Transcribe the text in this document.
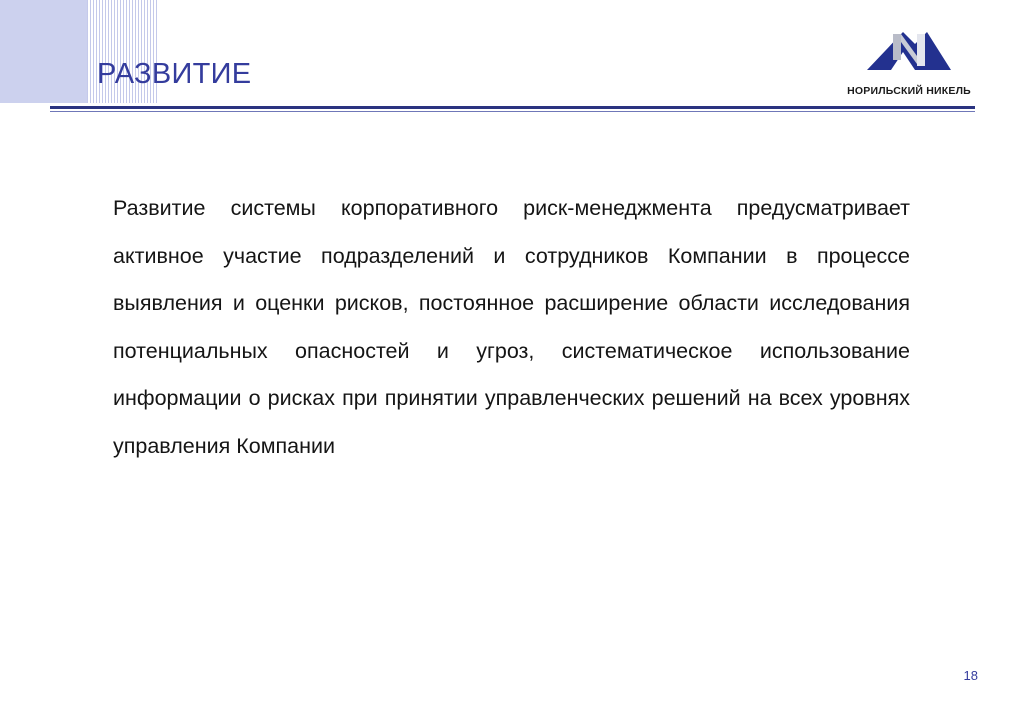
РАЗВИТИЕ
НОРИЛЬСКИЙ НИКЕЛЬ

Развитие системы корпоративного риск-менеджмента предусматривает активное участие подразделений и сотрудников Компании в процессе выявления и оценки рисков, постоянное расширение области исследования потенциальных опасностей и угроз, систематическое использование информации о рисках при принятии управленческих решений на всех уровнях управления Компании

18
